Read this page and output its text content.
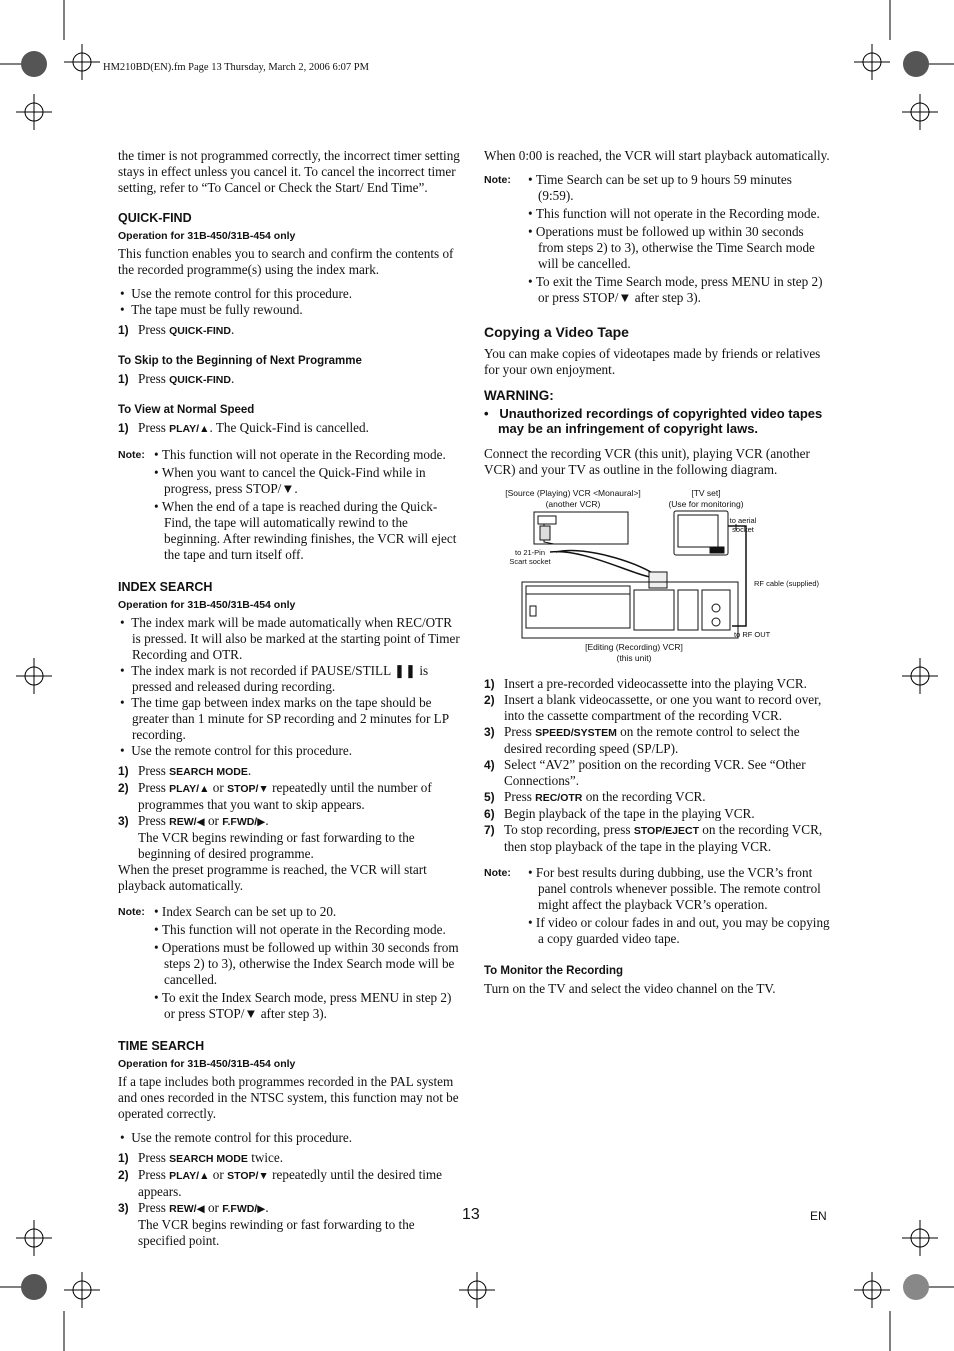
HM210BD(EN).fm Page 13 Thursday, March 2, 2006 6:07 PM

the timer is not programmed correctly, the incorrect timer setting stays in effect unless you cancel it. To cancel the incorrect timer setting, refer to “To Cancel or Check the Start/ End Time”.

QUICK-FIND
Operation for 31B-450/31B-454 only

This function enables you to search and confirm the contents of the recorded programme(s) using the index mark.

•  Use the remote control for this procedure.

•  The tape must be fully rewound.

1) Press QUICK-FIND.
To Skip to the Beginning of Next Programme
1) Press QUICK-FIND.
To View at Normal Speed
1) Press PLAY/▲. The Quick-Find is cancelled.
Note:	• This function will not operate in the Recording mode.

• When you want to cancel the Quick-Find while in progress, press STOP/▼.

• When the end of a tape is reached during the Quick-Find, the tape will automatically rewind to the beginning. After rewinding finishes, the VCR will eject the tape and turn itself off.

INDEX SEARCH
Operation for 31B-450/31B-454 only

•  The index mark will be made automatically when REC/OTR is pressed. It will also be marked at the starting point of Timer Recording and OTR.

•  The index mark is not recorded if PAUSE/STILL ❚❚ is pressed and released during recording.

•  The time gap between index marks on the tape should be greater than 1 minute for SP recording and 2 minutes for LP recording.

•  Use the remote control for this procedure.

1) Press SEARCH MODE.
2) Press PLAY/▲ or STOP/▼ repeatedly until the number of programmes that you want to skip appears.
3) Press REW/◀ or F.FWD/▶.
The VCR begins rewinding or fast forwarding to the beginning of desired programme.

When the preset programme is reached, the VCR will start playback automatically.

Note:	• Index Search can be set up to 20.

• This function will not operate in the Recording mode.

• Operations must be followed up within 30 seconds from steps 2) to 3), otherwise the Index Search mode will be cancelled.

• To exit the Index Search mode, press MENU in step 2) or press STOP/▼ after step 3).

TIME SEARCH
Operation for 31B-450/31B-454 only

If a tape includes both programmes recorded in the PAL system and ones recorded in the NTSC system, this function may not be operated correctly.

•  Use the remote control for this procedure.

1) Press SEARCH MODE twice.
2) Press PLAY/▲ or STOP/▼ repeatedly until the desired time appears.
3) Press REW/◀ or F.FWD/▶.
The VCR begins rewinding or fast forwarding to the specified point.

When 0:00 is reached, the VCR will start playback automatically.

Note:	• Time Search can be set up to 9 hours 59 minutes (9:59).

• This function will not operate in the Recording mode.

• Operations must be followed up within 30 seconds from steps 2) to 3), otherwise the Time Search mode will be cancelled.

• To exit the Time Search mode, press MENU in step 2) or press STOP/▼ after step 3).

Copying a Video Tape

You can make copies of videotapes made by friends or relatives for your own enjoyment.

WARNING:

•   Unauthorized recordings of copyrighted video tapes may be an infringement of copyright laws.

Connect the recording VCR (this unit), playing VCR (another VCR) and your TV as outline in the following diagram.

[Source (Playing) VCR <Monaural>]
(another VCR)
[TV set]
(Use for monitoring)
to aerial socket
to 21-Pin Scart socket
RF cable (supplied)
to RF OUT
[Editing (Recording) VCR]
(this unit)
1) Insert a pre-recorded videocassette into the playing VCR.
2) Insert a blank videocassette, or one you want to record over, into the cassette compartment of the recording VCR.
3) Press SPEED/SYSTEM on the remote control to select the desired recording speed (SP/LP).
4) Select “AV2” position on the recording VCR. See “Other Connections”.
5) Press REC/OTR on the recording VCR.
6) Begin playback of the tape in the playing VCR.
7) To stop recording, press STOP/EJECT on the recording VCR, then stop playback of the tape in the playing VCR.
Note:	• For best results during dubbing, use the VCR’s front panel controls whenever possible. The remote control might affect the playback VCR’s operation.

• If video or colour fades in and out, you may be copying a copy guarded video tape.

To Monitor the Recording

Turn on the TV and select the video channel on the TV.

13	EN
